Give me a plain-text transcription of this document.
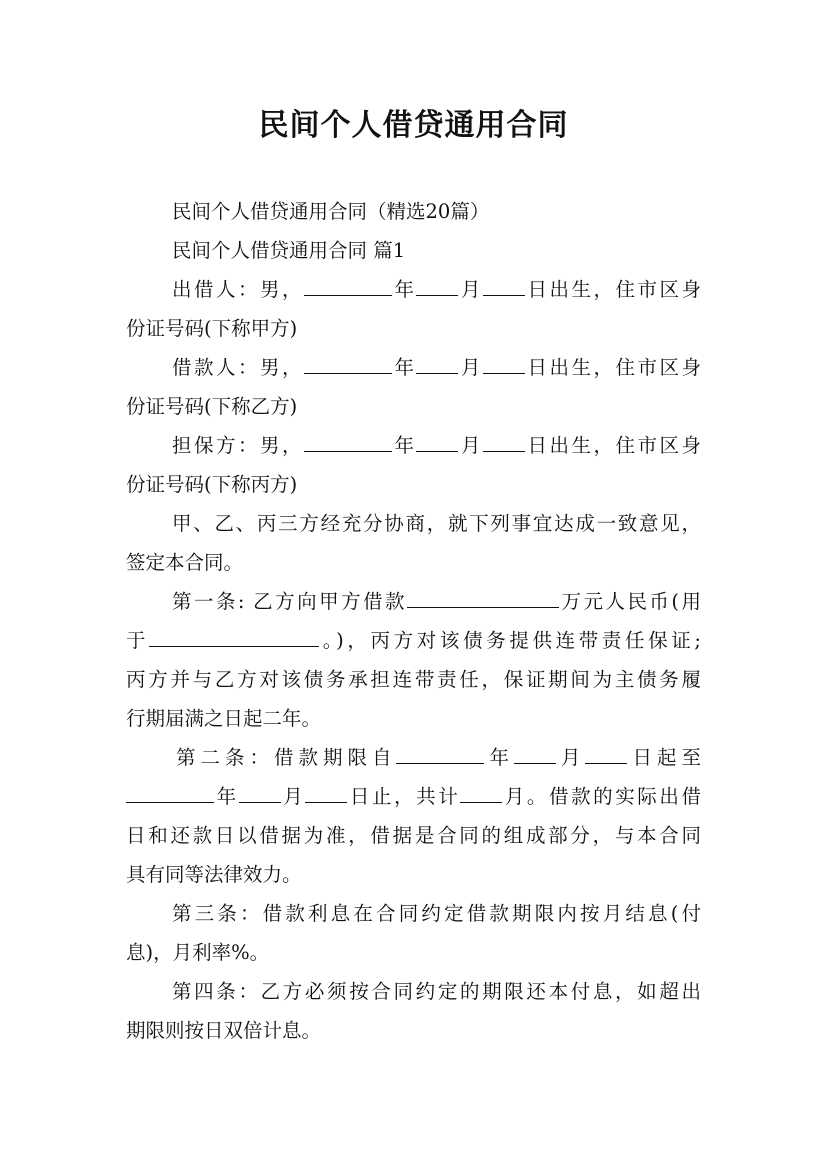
民间个人借贷通用合同
民间个人借贷通用合同（精选20篇）
民间个人借贷通用合同 篇1
出借人：男，	年 月 日出生，住市区身
份证号码(下称甲方)
借款人：男，	年 月 日出生，住市区身
份证号码(下称乙方)
担保方：男，	年 月 日出生，住市区身
份证号码(下称丙方)
甲、乙、丙三方经充分协商，就下列事宜达成一致意见，
签定本合同。
第一条: 乙方向甲方借款	万元人民币(用
于	。)，丙方对该债务提供连带责任保证;
丙方并与乙方对该债务承担连带责任，保证期间为主债务履
行期届满之日起二年。
第二条：借款期限自	年 月 日起至
年 月 日止，共计 月。借款的实际出借
日和还款日以借据为准，借据是合同的组成部分，与本合同
具有同等法律效力。
第三条：借款利息在合同约定借款期限内按月结息(付
息)，月利率%。
第四条：乙方必须按合同约定的期限还本付息，如超出
期限则按日双倍计息。
